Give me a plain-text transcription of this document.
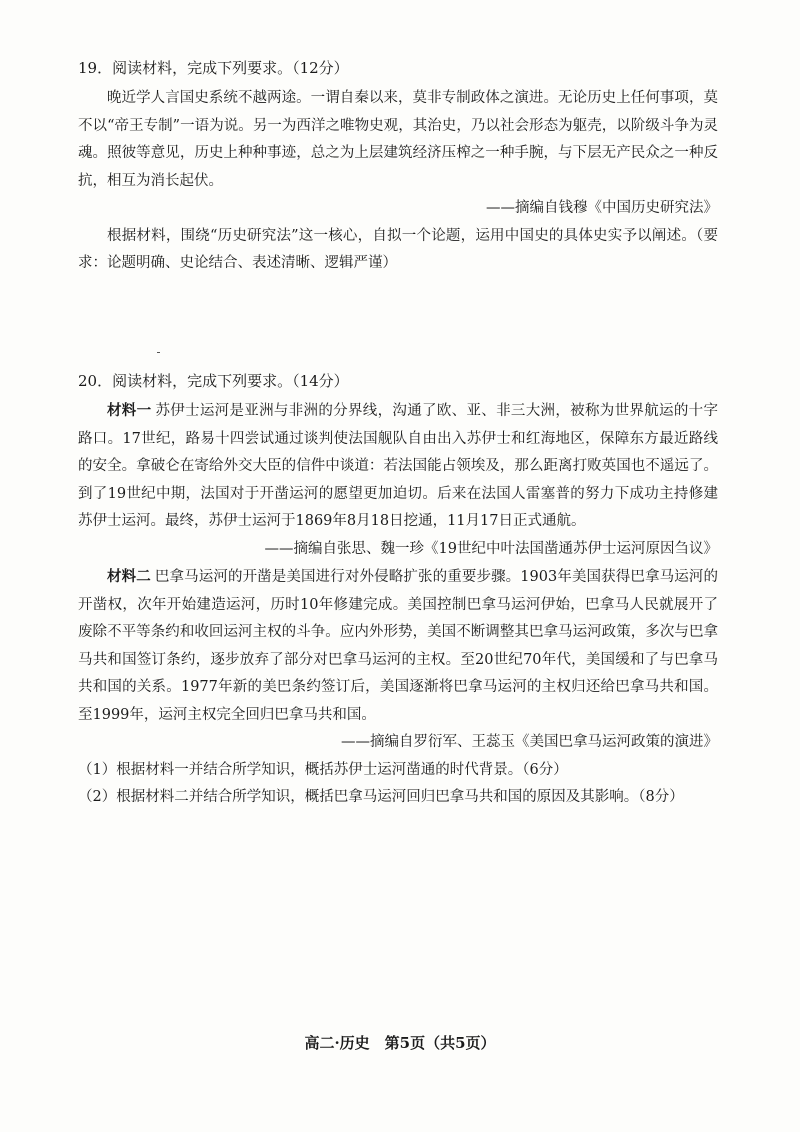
19．阅读材料，完成下列要求。（12分）

晚近学人言国史系统不越两途。一谓自秦以来，莫非专制政体之演进。无论历史上任何事项，莫不以“帝王专制”一语为说。另一为西洋之唯物史观，其治史，乃以社会形态为躯壳，以阶级斗争为灵魂。照彼等意见，历史上种种事迹，总之为上层建筑经济压榨之一种手腕，与下层无产民众之一种反抗，相互为消长起伏。

——摘编自钱穆《中国历史研究法》

根据材料，围绕“历史研究法”这一核心，自拟一个论题，运用中国史的具体史实予以阐述。（要求：论题明确、史论结合、表述清晰、逻辑严谨）

20．阅读材料，完成下列要求。（14分）

材料一 苏伊士运河是亚洲与非洲的分界线，沟通了欧、亚、非三大洲，被称为世界航运的十字路口。17世纪，路易十四尝试通过谈判使法国舰队自由出入苏伊士和红海地区，保障东方最近路线的安全。拿破仑在寄给外交大臣的信件中谈道：若法国能占领埃及，那么距离打败英国也不遥远了。到了19世纪中期，法国对于开凿运河的愿望更加迫切。后来在法国人雷塞普的努力下成功主持修建苏伊士运河。最终，苏伊士运河于1869年8月18日挖通，11月17日正式通航。

——摘编自张思、魏一珍《19世纪中叶法国凿通苏伊士运河原因刍议》

材料二 巴拿马运河的开凿是美国进行对外侵略扩张的重要步骤。1903年美国获得巴拿马运河的开凿权，次年开始建造运河，历时10年修建完成。美国控制巴拿马运河伊始，巴拿马人民就展开了废除不平等条约和收回运河主权的斗争。应内外形势，美国不断调整其巴拿马运河政策，多次与巴拿马共和国签订条约，逐步放弃了部分对巴拿马运河的主权。至20世纪70年代，美国缓和了与巴拿马共和国的关系。1977年新的美巴条约签订后，美国逐渐将巴拿马运河的主权归还给巴拿马共和国。至1999年，运河主权完全回归巴拿马共和国。

——摘编自罗衍军、王蕊玉《美国巴拿马运河政策的演进》

（1）根据材料一并结合所学知识，概括苏伊士运河凿通的时代背景。（6分）

（2）根据材料二并结合所学知识，概括巴拿马运河回归巴拿马共和国的原因及其影响。（8分）

高二·历史　第5页（共5页）
